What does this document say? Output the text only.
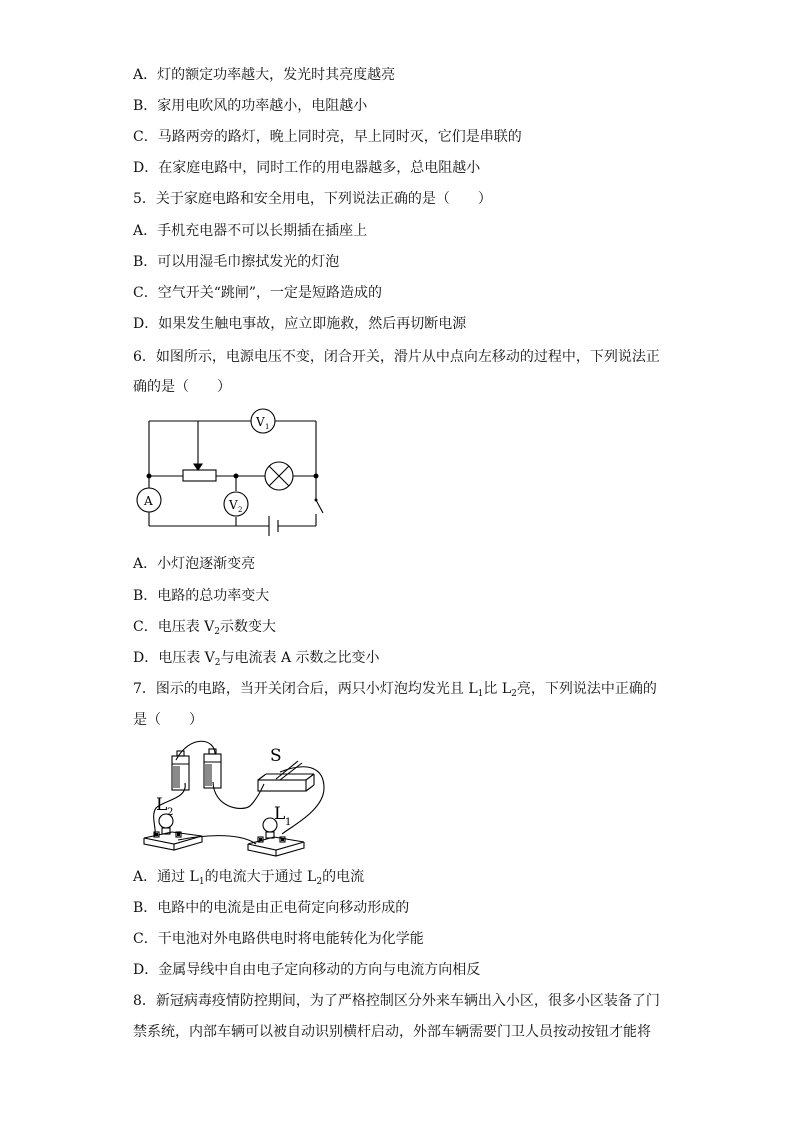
A．灯的额定功率越大，发光时其亮度越亮

B．家用电吹风的功率越小，电阻越小

C．马路两旁的路灯，晚上同时亮，早上同时灭，它们是串联的

D．在家庭电路中，同时工作的用电器越多，总电阻越小

5．关于家庭电路和安全用电，下列说法正确的是（　　）

A．手机充电器不可以长期插在插座上

B．可以用湿毛巾擦拭发光的灯泡

C．空气开关“跳闸”，一定是短路造成的

D．如果发生触电事故，应立即施救，然后再切断电源

6．如图所示，电源电压不变，闭合开关，滑片从中点向左移动的过程中，下列说法正

确的是（　　）

V 1
A	V 2

A．小灯泡逐渐变亮

B．电路的总功率变大

C．电压表 $V_2$示数变大

D．电压表 $V_2$与电流表 A 示数之比变小

7．图示的电路，当开关闭合后，两只小灯泡均发光且 $L_1$比 $L_2$亮，下列说法中正确的

是（　　）

S
L 2	L 1

A．通过 $L_1$的电流大于通过 $L_2$的电流

B．电路中的电流是由正电荷定向移动形成的

C．干电池对外电路供电时将电能转化为化学能

D．金属导线中自由电子定向移动的方向与电流方向相反

8．新冠病毒疫情防控期间，为了严格控制区分外来车辆出入小区，很多小区装备了门

禁系统，内部车辆可以被自动识别横杆启动，外部车辆需要门卫人员按动按钮才能将
